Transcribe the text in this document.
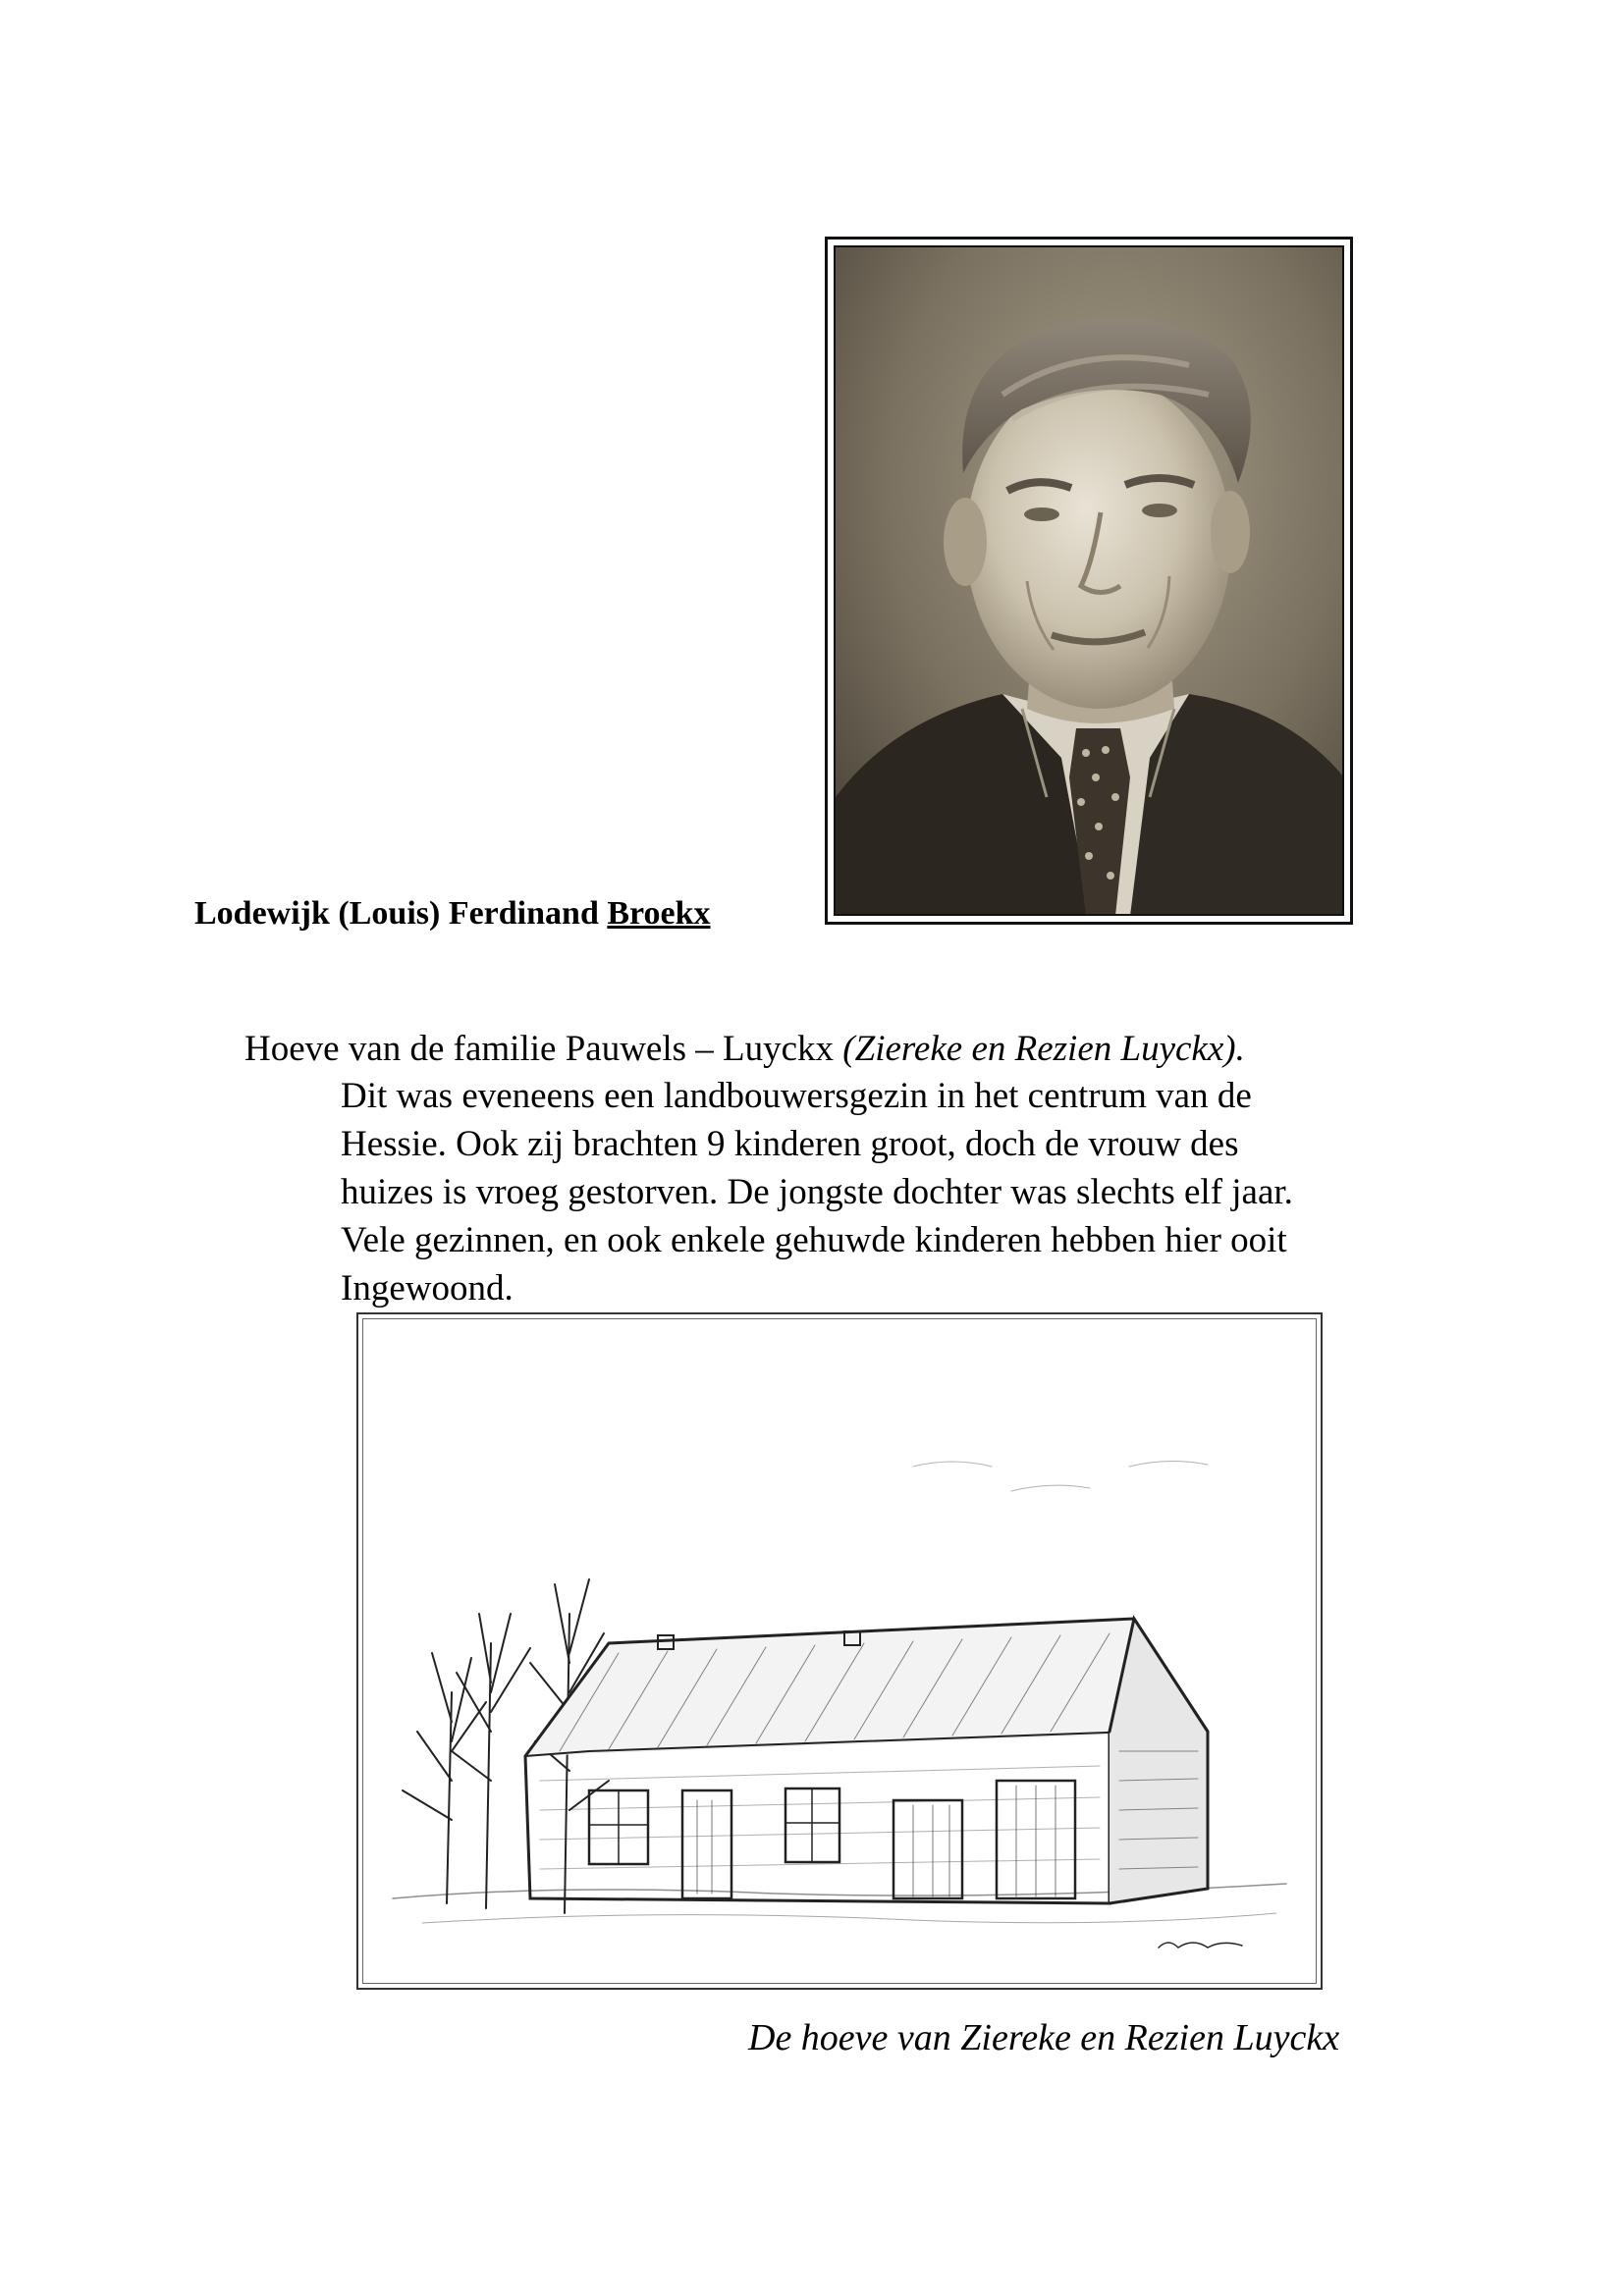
Lodewijk (Louis) Ferdinand Broekx
Hoeve van de familie Pauwels – Luyckx (Ziereke en Rezien Luyckx).
Dit was eveneens een landbouwersgezin in het centrum van de
Hessie. Ook zij brachten 9 kinderen groot, doch de vrouw des
huizes is vroeg gestorven. De jongste dochter was slechts elf jaar.
Vele gezinnen, en ook enkele gehuwde kinderen hebben hier ooit
Ingewoond.
De hoeve van Ziereke en Rezien Luyckx
